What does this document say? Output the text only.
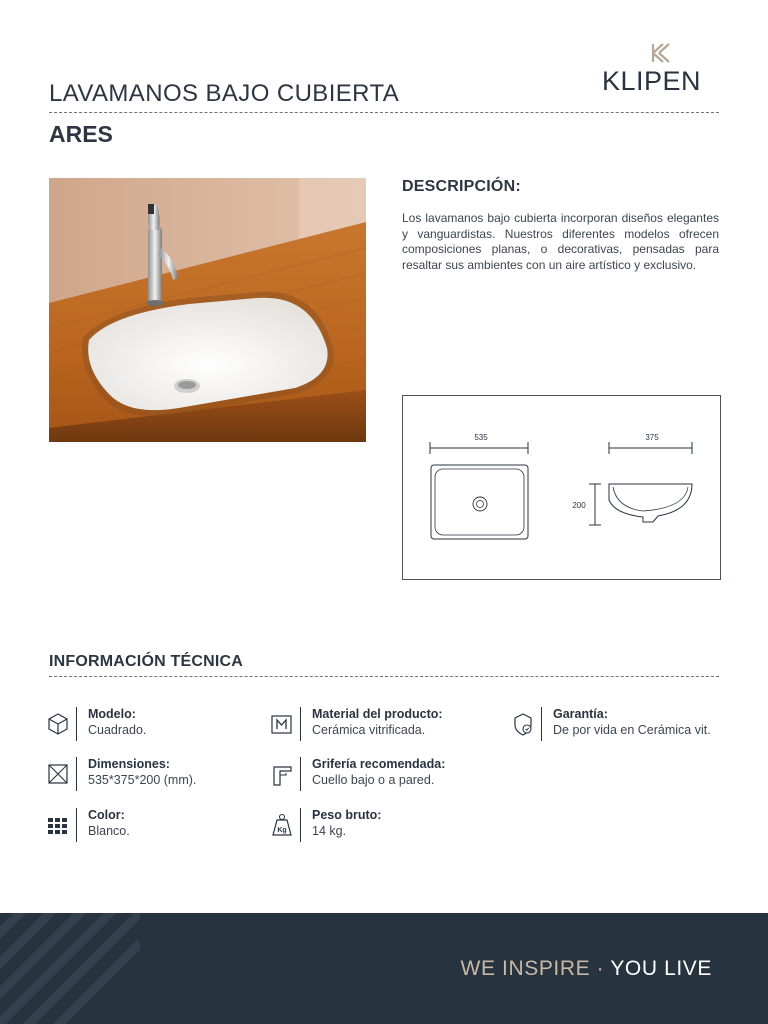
LAVAMANOS BAJO CUBIERTA	KLIPEN
ARES
DESCRIPCIÓN:
Los lavamanos bajo cubierta incorporan diseños elegantes y vanguardistas. Nuestros diferentes modelos ofrecen composiciones planas, o decorativas, pensadas para resaltar sus ambientes con un aire artístico y exclusivo.
535	375
200
INFORMACIÓN TÉCNICA
Modelo:
Cuadrado.
Dimensiones:
535*375*200 (mm).
Color:
Blanco.
Material del producto:
Cerámica vitrificada.
Grifería recomendada:
Cuello bajo o a pared.
Kg
Peso bruto:
14 kg.
Garantía:
De por vida en Cerámica vit.
WE INSPIRE · YOU LIVE
